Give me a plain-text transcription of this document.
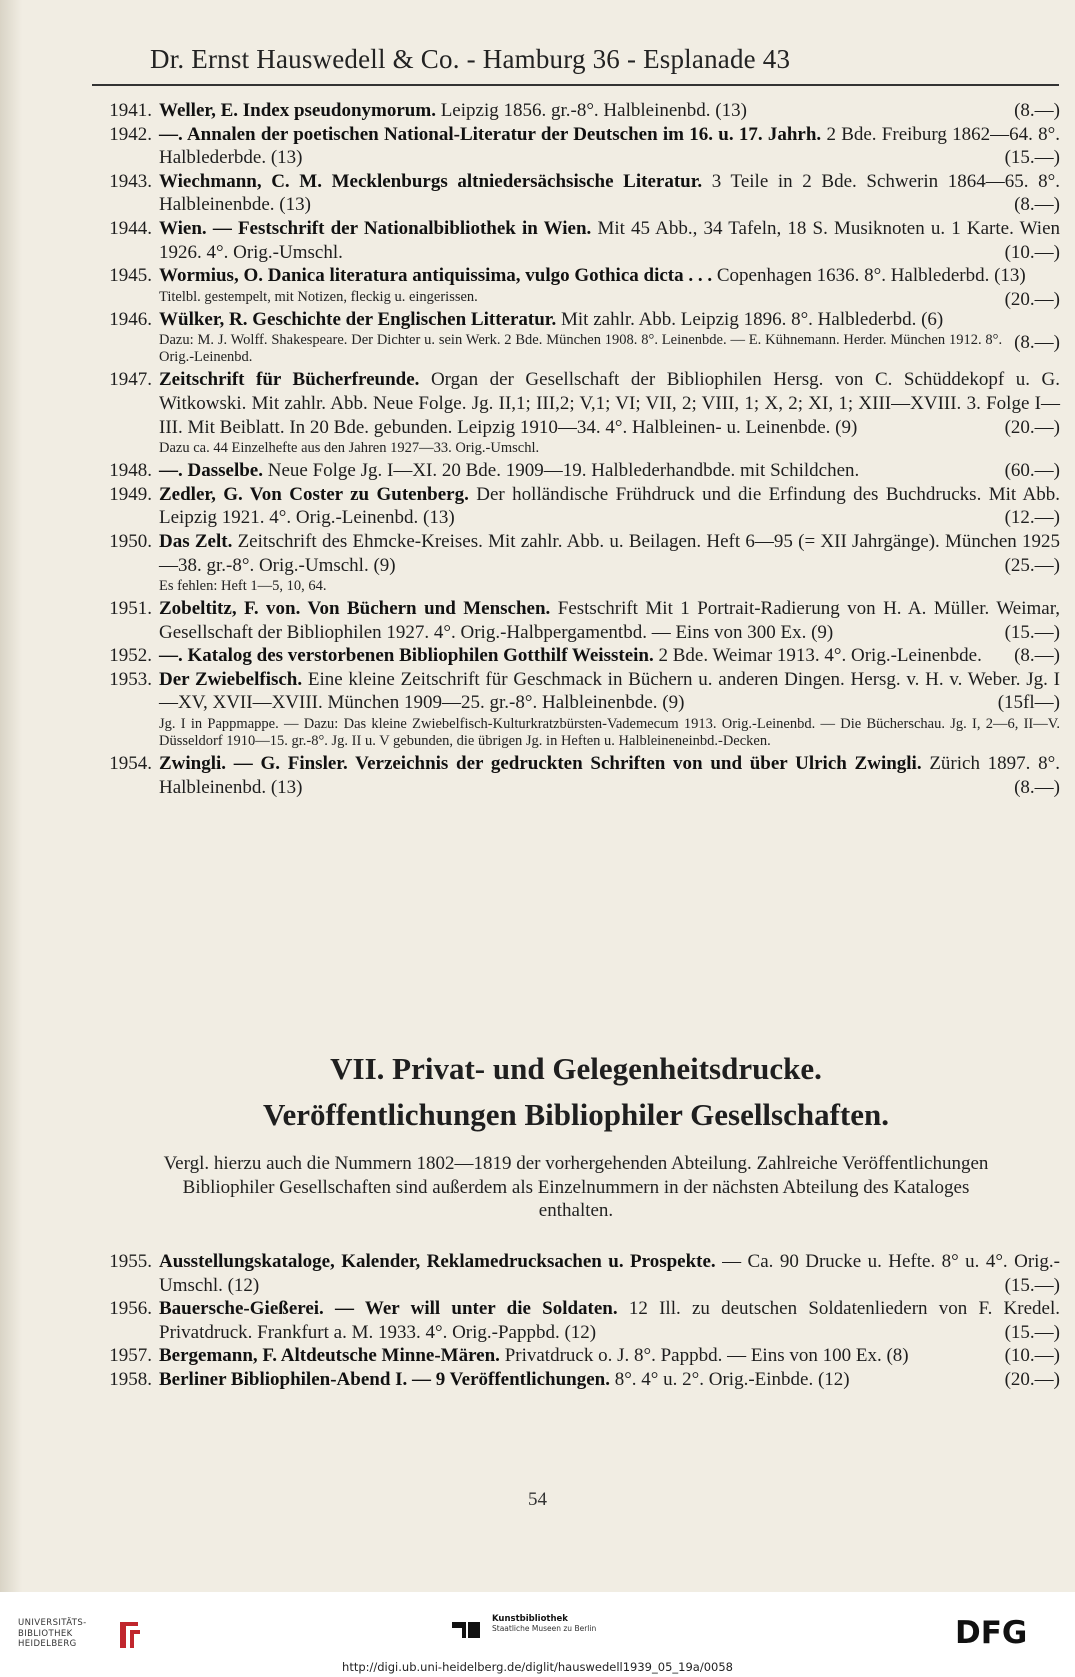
Dr. Ernst Hauswedell & Co. - Hamburg 36 - Esplanade 43
1941. Weller, E. Index pseudonymorum. Leipzig 1856. gr.-8°. Halbleinenbd. (13)	(8.—)

1942. —. Annalen der poetischen National-Literatur der Deutschen im 16. u. 17. Jahrh. 2 Bde. Freiburg 1862—64. 8°. Halblederbde. (13)	(15.—)

1943. Wiechmann, C. M. Mecklenburgs altniedersächsische Literatur. 3 Teile in 2 Bde. Schwerin 1864—65. 8°. Halbleinenbde. (13)	(8.—)

1944. Wien. — Festschrift der Nationalbibliothek in Wien. Mit 45 Abb., 34 Tafeln, 18 S. Musiknoten u. 1 Karte. Wien 1926. 4°. Orig.-Umschl.	(10.—)

1945. Wormius, O. Danica literatura antiquissima, vulgo Gothica dicta . . . Copenhagen 1636. 8°. Halblederbd. (13)
(20.—)

Titelbl. gestempelt, mit Notizen, fleckig u. eingerissen.
1946. Wülker, R. Geschichte der Englischen Litteratur. Mit zahlr. Abb. Leipzig 1896. 8°. Halblederbd. (6)
(8.—)

Dazu: M. J. Wolff. Shakespeare. Der Dichter u. sein Werk. 2 Bde. München 1908. 8°. Leinenbde. — E. Kühnemann. Herder. München 1912. 8°. Orig.-Leinenbd.
1947. Zeitschrift für Bücherfreunde. Organ der Gesellschaft der Bibliophilen Hersg. von C. Schüddekopf u. G. Witkowski. Mit zahlr. Abb. Neue Folge. Jg. II,1; III,2; V,1; VI; VII, 2; VIII, 1; X, 2; XI, 1; XIII—XVIII. 3. Folge I—III. Mit Beiblatt. In 20 Bde. gebunden. Leipzig 1910—34. 4°. Halbleinen- u. Leinenbde. (9)	(20.—)

Dazu ca. 44 Einzelhefte aus den Jahren 1927—33. Orig.-Umschl.
1948. —. Dasselbe. Neue Folge Jg. I—XI. 20 Bde. 1909—19. Halblederhandbde. mit Schildchen.	(60.—)

1949. Zedler, G. Von Coster zu Gutenberg. Der holländische Frühdruck und die Erfindung des Buchdrucks. Mit Abb. Leipzig 1921. 4°. Orig.-Leinenbd. (13)	(12.—)

1950. Das Zelt. Zeitschrift des Ehmcke-Kreises. Mit zahlr. Abb. u. Beilagen. Heft 6—95 (= XII Jahrgänge). München 1925—38. gr.-8°. Orig.-Umschl. (9)	(25.—)

Es fehlen: Heft 1—5, 10, 64.
1951. Zobeltitz, F. von. Von Büchern und Menschen. Festschrift Mit 1 Portrait-Radierung von H. A. Müller. Weimar, Gesellschaft der Bibliophilen 1927. 4°. Orig.-Halbpergamentbd. — Eins von 300 Ex. (9)	(15.—)

1952. —. Katalog des verstorbenen Bibliophilen Gotthilf Weisstein. 2 Bde. Weimar 1913. 4°. Orig.-Leinenbde. (8.—)

1953. Der Zwiebelfisch. Eine kleine Zeitschrift für Geschmack in Büchern u. anderen Dingen. Hersg. v. H. v. Weber. Jg. I—XV, XVII—XVIII. München 1909—25. gr.-8°. Halbleinenbde. (9)	(15fl—)

Jg. I in Pappmappe. — Dazu: Das kleine Zwiebelfisch-Kulturkratzbürsten-Vademecum 1913. Orig.-Leinenbd. — Die Bücherschau. Jg. I, 2—6, II—V. Düsseldorf 1910—15. gr.-8°. Jg. II u. V gebunden, die übrigen Jg. in Heften u. Halbleineneinbd.-Decken.
1954. Zwingli. — G. Finsler. Verzeichnis der gedruckten Schriften von und über Ulrich Zwingli. Zürich 1897. 8°. Halbleinenbd. (13)	(8.—)

VII. Privat- und Gelegenheitsdrucke.

Veröffentlichungen Bibliophiler Gesellschaften.

Vergl. hierzu auch die Nummern 1802—1819 der vorhergehenden Abteilung. Zahlreiche Veröffentlichungen Bibliophiler Gesellschaften sind außerdem als Einzelnummern in der nächsten Abteilung des Kataloges enthalten.

1955. Ausstellungskataloge, Kalender, Reklamedrucksachen u. Prospekte. — Ca. 90 Drucke u. Hefte. 8° u. 4°. Orig.-Umschl. (12)	(15.—)

1956. Bauersche-Gießerei. — Wer will unter die Soldaten. 12 Ill. zu deutschen Soldatenliedern von F. Kredel. Privatdruck. Frankfurt a. M. 1933. 4°. Orig.-Pappbd. (12)	(15.—)

1957. Bergemann, F. Altdeutsche Minne-Mären. Privatdruck o. J. 8°. Pappbd. — Eins von 100 Ex. (8)	(10.—)

1958. Berliner Bibliophilen-Abend I. — 9 Veröffentlichungen. 8°. 4° u. 2°. Orig.-Einbde. (12)	(20.—)

54
UNIVERSITÄTS-
BIBLIOTHEK
HEIDELBERG
Kunstbibliothek
Staatliche Museen zu Berlin	DFG
http://digi.ub.uni-heidelberg.de/diglit/hauswedell1939_05_19a/0058
